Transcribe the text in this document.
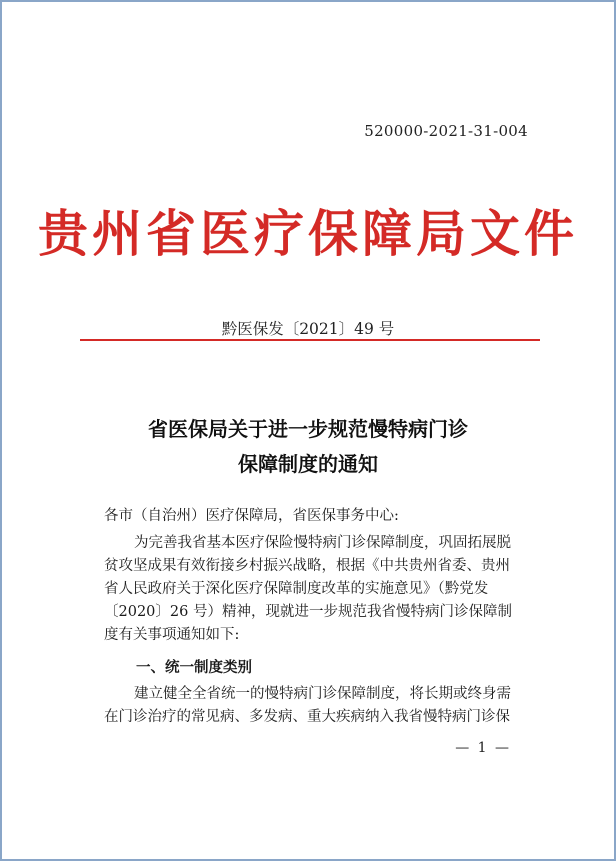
520000-2021-31-004
贵州省医疗保障局文件
黔医保发〔2021〕49 号
省医保局关于进一步规范慢特病门诊
保障制度的通知
各市（自治州）医疗保障局，省医保事务中心:
为完善我省基本医疗保险慢特病门诊保障制度，巩固拓展脱贫攻坚成果有效衔接乡村振兴战略，根据《中共贵州省委、贵州省人民政府关于深化医疗保障制度改革的实施意见》（黔党发〔2020〕26 号）精神，现就进一步规范我省慢特病门诊保障制度有关事项通知如下:
一、统一制度类别
建立健全全省统一的慢特病门诊保障制度，将长期或终身需在门诊治疗的常见病、多发病、重大疾病纳入我省慢特病门诊保
— 1 —
